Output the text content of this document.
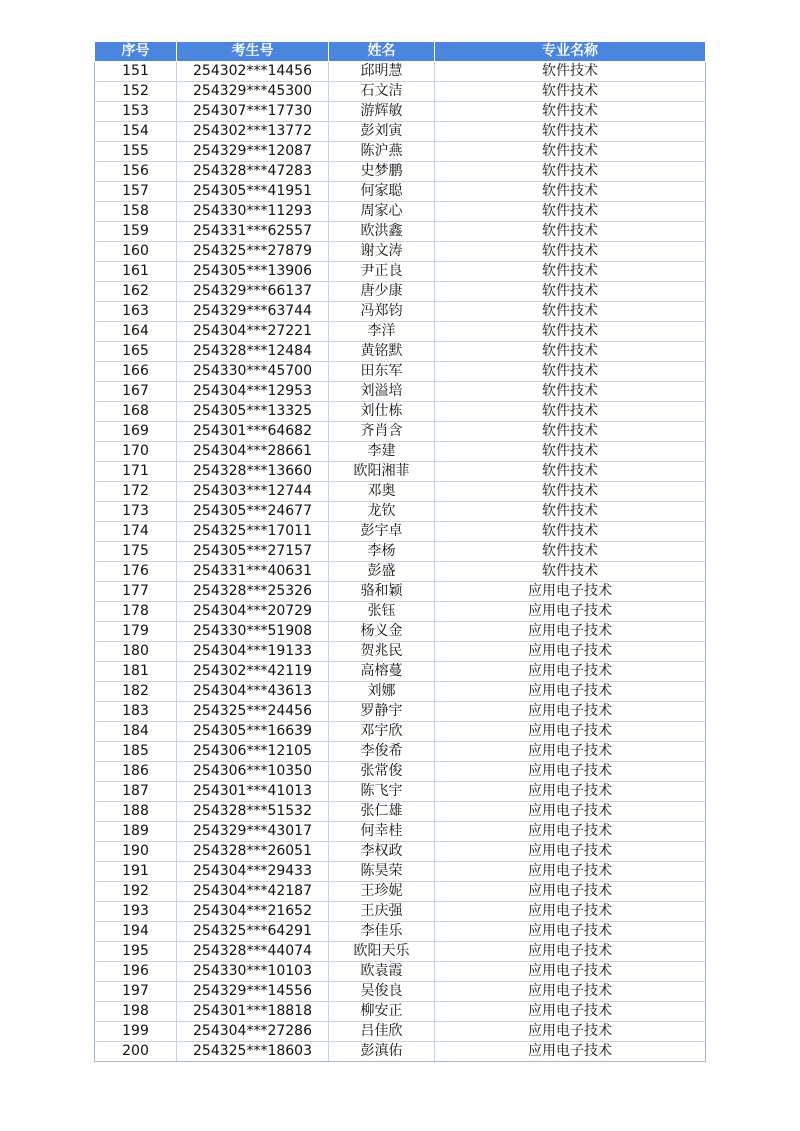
序号	考生号	姓名	专业名称
151	254302***14456	邱明慧	软件技术
152	254329***45300	石文洁	软件技术
153	254307***17730	游辉敏	软件技术
154	254302***13772	彭刘寅	软件技术
155	254329***12087	陈沪燕	软件技术
156	254328***47283	史梦鹏	软件技术
157	254305***41951	何家聪	软件技术
158	254330***11293	周家心	软件技术
159	254331***62557	欧洪鑫	软件技术
160	254325***27879	谢文涛	软件技术
161	254305***13906	尹正良	软件技术
162	254329***66137	唐少康	软件技术
163	254329***63744	冯郑钧	软件技术
164	254304***27221	李洋	软件技术
165	254328***12484	黄铭默	软件技术
166	254330***45700	田东军	软件技术
167	254304***12953	刘溢培	软件技术
168	254305***13325	刘仕栋	软件技术
169	254301***64682	齐肖含	软件技术
170	254304***28661	李建	软件技术
171	254328***13660	欧阳湘菲	软件技术
172	254303***12744	邓奥	软件技术
173	254305***24677	龙钦	软件技术
174	254325***17011	彭宇卓	软件技术
175	254305***27157	李杨	软件技术
176	254331***40631	彭盛	软件技术
177	254328***25326	骆和颖	应用电子技术
178	254304***20729	张钰	应用电子技术
179	254330***51908	杨义金	应用电子技术
180	254304***19133	贺兆民	应用电子技术
181	254302***42119	高榕蔓	应用电子技术
182	254304***43613	刘娜	应用电子技术
183	254325***24456	罗静宇	应用电子技术
184	254305***16639	邓宇欣	应用电子技术
185	254306***12105	李俊希	应用电子技术
186	254306***10350	张常俊	应用电子技术
187	254301***41013	陈飞宇	应用电子技术
188	254328***51532	张仁雄	应用电子技术
189	254329***43017	何幸桂	应用电子技术
190	254328***26051	李权政	应用电子技术
191	254304***29433	陈昊荣	应用电子技术
192	254304***42187	王珍妮	应用电子技术
193	254304***21652	王庆强	应用电子技术
194	254325***64291	李佳乐	应用电子技术
195	254328***44074	欧阳天乐	应用电子技术
196	254330***10103	欧袁霞	应用电子技术
197	254329***14556	吴俊良	应用电子技术
198	254301***18818	柳安正	应用电子技术
199	254304***27286	吕佳欣	应用电子技术
200	254325***18603	彭滇佑	应用电子技术
